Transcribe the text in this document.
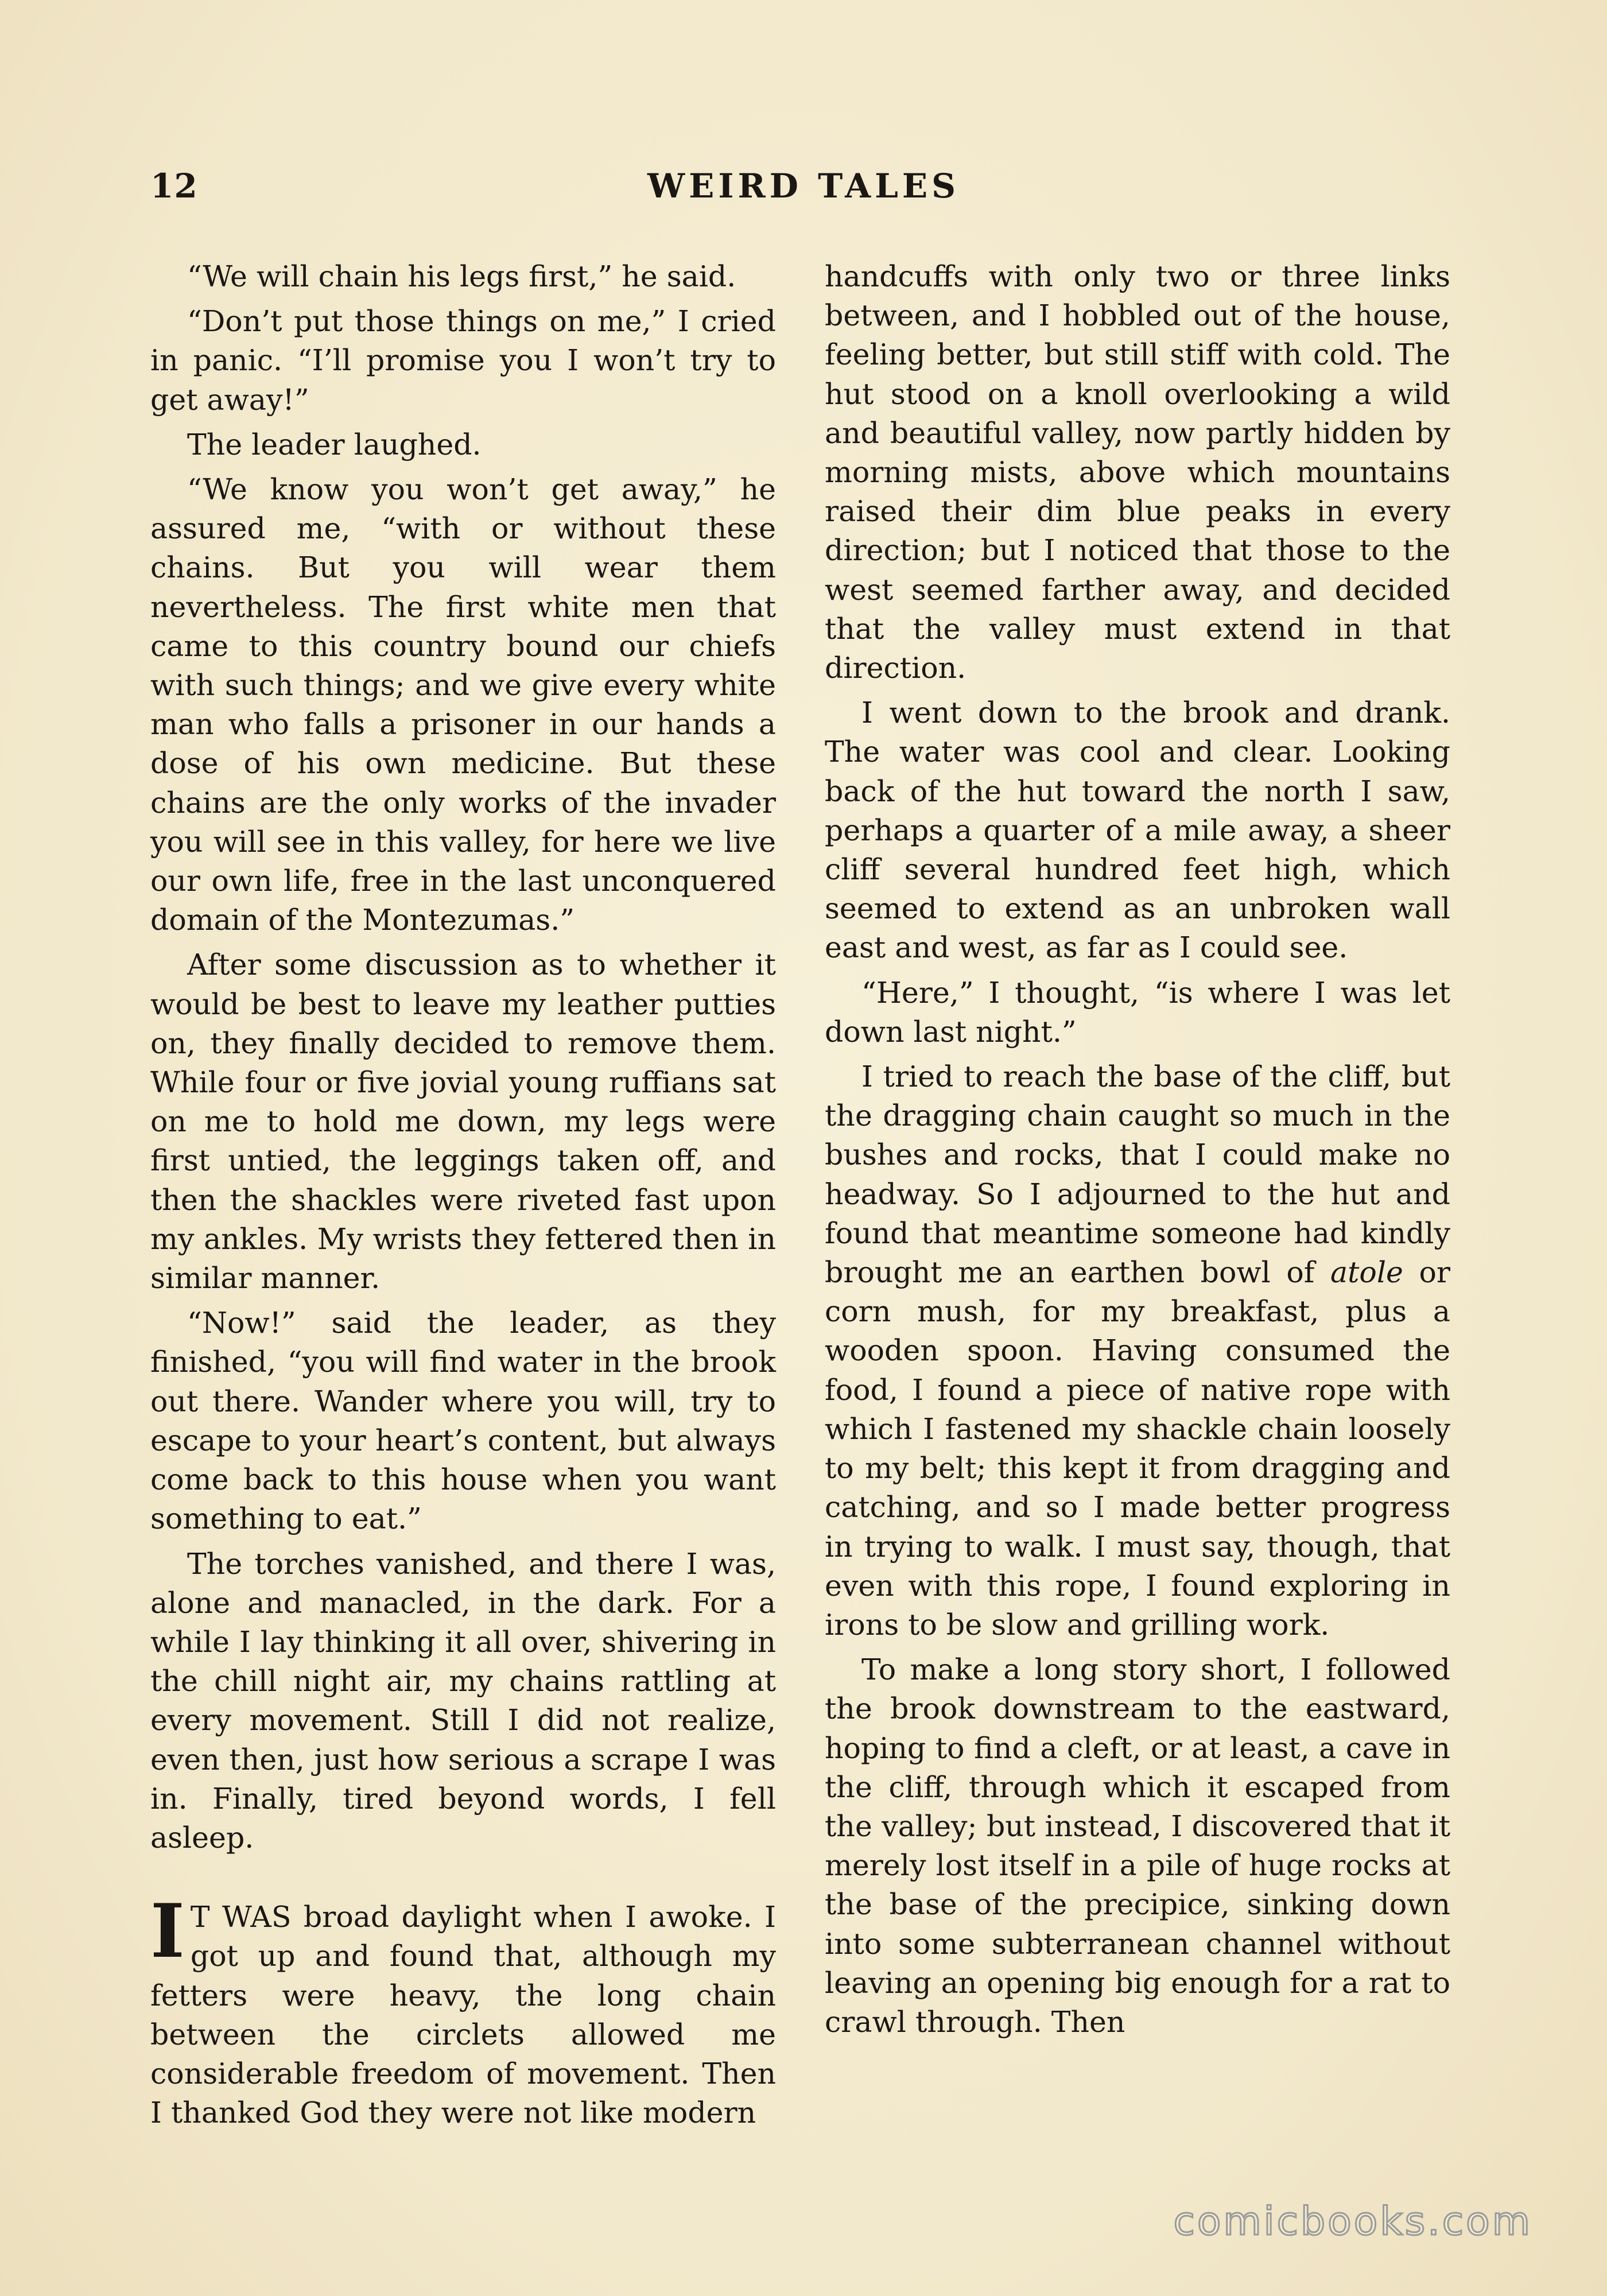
12	WEIRD TALES

“We will chain his legs first,” he said.

“Don’t put those things on me,” I cried in panic. “I’ll promise you I won’t try to get away!”

The leader laughed.

“We know you won’t get away,” he assured me, “with or without these chains. But you will wear them nevertheless. The first white men that came to this country bound our chiefs with such things; and we give every white man who falls a prisoner in our hands a dose of his own medicine. But these chains are the only works of the invader you will see in this valley, for here we live our own life, free in the last unconquered domain of the Montezumas.”

After some discussion as to whether it would be best to leave my leather putties on, they finally decided to remove them. While four or five jovial young ruffians sat on me to hold me down, my legs were first untied, the leggings taken off, and then the shackles were riveted fast upon my ankles. My wrists they fettered then in similar manner.

“Now!” said the leader, as they finished, “you will find water in the brook out there. Wander where you will, try to escape to your heart’s content, but always come back to this house when you want something to eat.”

The torches vanished, and there I was, alone and manacled, in the dark. For a while I lay thinking it all over, shivering in the chill night air, my chains rattling at every movement. Still I did not realize, even then, just how serious a scrape I was in. Finally, tired beyond words, I fell asleep.

I T WAS broad daylight when I awoke. I got up and found that, although my fetters were heavy, the long chain between the circlets allowed me considerable freedom of movement. Then I thanked God they were not like modern

handcuffs with only two or three links between, and I hobbled out of the house, feeling better, but still stiff with cold. The hut stood on a knoll overlooking a wild and beautiful valley, now partly hidden by morning mists, above which mountains raised their dim blue peaks in every direction; but I noticed that those to the west seemed farther away, and decided that the valley must extend in that direction.

I went down to the brook and drank. The water was cool and clear. Looking back of the hut toward the north I saw, perhaps a quarter of a mile away, a sheer cliff several hundred feet high, which seemed to extend as an unbroken wall east and west, as far as I could see.

“Here,” I thought, “is where I was let down last night.”

I tried to reach the base of the cliff, but the dragging chain caught so much in the bushes and rocks, that I could make no headway. So I adjourned to the hut and found that meantime someone had kindly brought me an earthen bowl of atole or corn mush, for my breakfast, plus a wooden spoon. Having consumed the food, I found a piece of native rope with which I fastened my shackle chain loosely to my belt; this kept it from dragging and catching, and so I made better progress in trying to walk. I must say, though, that even with this rope, I found exploring in irons to be slow and grilling work.

To make a long story short, I followed the brook downstream to the eastward, hoping to find a cleft, or at least, a cave in the cliff, through which it escaped from the valley; but instead, I discovered that it merely lost itself in a pile of huge rocks at the base of the precipice, sinking down into some subterranean channel without leaving an opening big enough for a rat to crawl through. Then

comicbooks.com
